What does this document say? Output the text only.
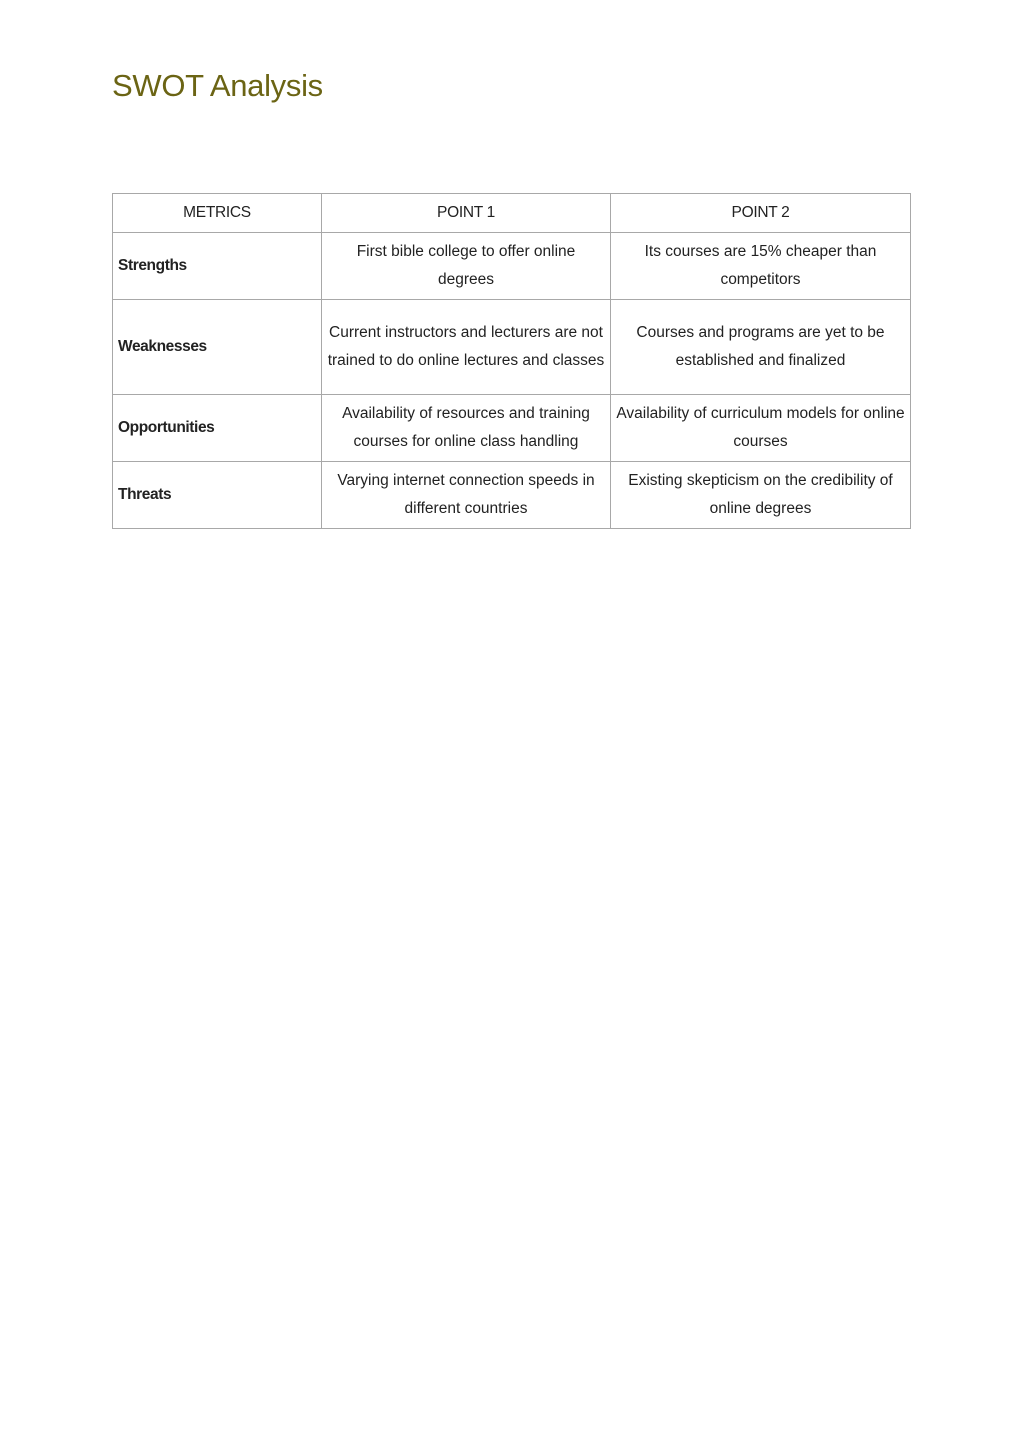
SWOT Analysis
METRICS	POINT 1	POINT 2
Strengths	First bible college to offer online degrees	Its courses are 15% cheaper than competitors
Weaknesses	Current instructors and lecturers are not trained to do online lectures and classes	Courses and programs are yet to be established and finalized
Opportunities	Availability of resources and training courses for online class handling	Availability of curriculum models for online courses
Threats	Varying internet connection speeds in different countries	Existing skepticism on the credibility of online degrees
